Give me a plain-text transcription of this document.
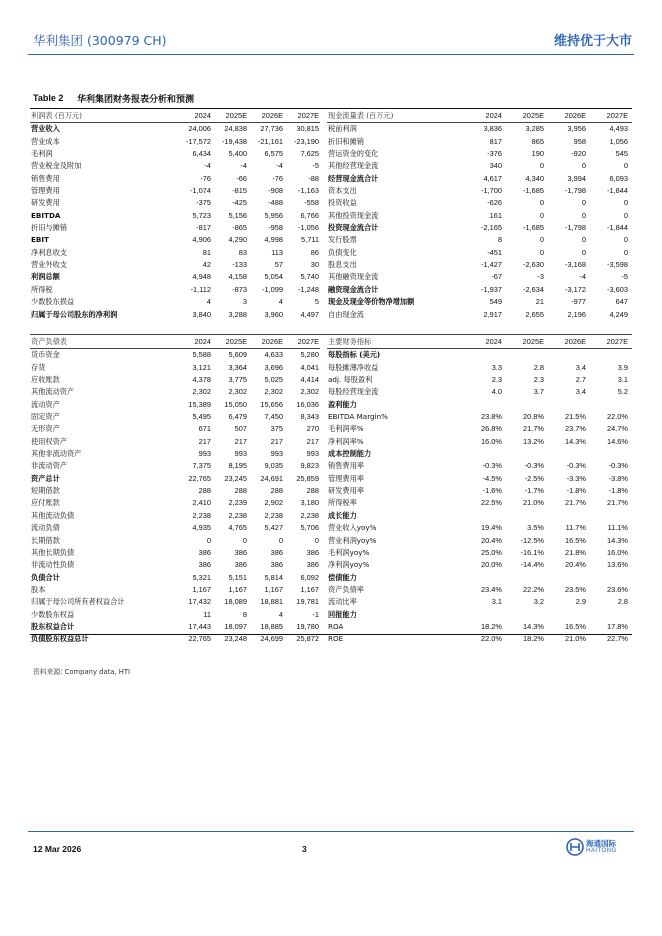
华利集团 (300979 CH)	维持优于大市
Table 2 华利集团财务报表分析和预测
利润表 (百万元)	2024 2025E 2026E 2027E
营业收入	24,006 24,838 27,736 30,815
营业成本	-17,572 -19,438 -21,161 -23,190
毛利润	6,434 5,400 6,575 7,625
营业税金及附加	-4	-4	-4	-5
销售费用	-76	-66	-76	-88
管理费用	-1,074	-815	-908 -1,163
研发费用	-375	-425	-488	-558
EBITDA	5,723 5,156 5,956 6,766
折旧与摊销	-817	-865	-958 -1,056
EBIT	4,906 4,290 4,998 5,711
净利息收支	81	83	113	86
营业外收支	42	-133	57	30
利润总额	4,948 4,158 5,054 5,740
所得税	-1,112	-873 -1,099 -1,248
少数股东损益	4	3	4	5
归属于母公司股东的净利润	3,840 3,288 3,960 4,497
现金流量表 (百万元)	2024	2025E	2026E	2027E
税前利润	3,836	3,285	3,956	4,493
折旧和摊销	817	865	958	1,056
营运资金的变化	-376	190	-920	545
其他经营现金流	340	0	0	0
经营现金流合计	4,617	4,340	3,994	6,093
资本支出	-1,700	-1,685	-1,798	-1,844
投资收益	-626	0	0	0
其他投资现金流	161	0	0	0
投资现金流合计	-2,165	-1,685	-1,798	-1,844
发行股票	8	0	0	0
负债变化	-451	0	0	0
股息支出	-1,427	-2,630	-3,168	-3,598
其他融资现金流	-67	-3	-4	-5
融资现金流合计	-1,937	-2,634	-3,172	-3,603
现金及现金等价物净增加额	549	21	-977	647
自由现金流	2,917	2,655	2,196	4,249
资产负债表	2024 2025E 2026E 2027E
货币资金	5,588 5,609 4,633 5,280
存货	3,121 3,364 3,696 4,041
应收账款	4,378 3,775 5,025 4,414
其他流动资产	2,302 2,302 2,302 2,302
流动资产	15,389 15,050 15,656 16,036
固定资产	5,495 6,479 7,450 8,343
无形资产	671	507	375	270
使用权资产	217	217	217	217
其他非流动资产	993	993	993	993
非流动资产	7,375 8,195 9,035 9,823
资产总计	22,765 23,245 24,691 25,859
短期借款	288	288	288	288
应付账款	2,410 2,239 2,902 3,180
其他流动负债	2,238 2,238 2,238 2,238
流动负债	4,935 4,765 5,427 5,706
长期借款	0	0	0	0
其他长期负债	386	386	386	386
非流动性负债	386	386	386	386
负债合计	5,321 5,151 5,814 6,092
股本	1,167 1,167 1,167 1,167
归属于母公司所有者权益合计	17,432 18,089 18,881 19,781
少数股东权益	11	8	4	-1
股东权益合计	17,443 18,097 18,885 19,780
负债股东权益总计	22,765 23,248 24,699 25,872
主要财务指标	2024	2025E	2026E	2027E
每股指标 (美元)
每股摊薄净收益	3.3	2.8	3.4	3.9
adj. 每股盈利	2.3	2.3	2.7	3.1
每股经营现金流	4.0	3.7	3.4	5.2
盈利能力
EBITDA Margin%	23.8%	20.8%	21.5%	22.0%
毛利润率%	26.8%	21.7%	23.7%	24.7%
净利润率%	16.0%	13.2%	14.3%	14.6%
成本控制能力
销售费用率	-0.3%	-0.3%	-0.3%	-0.3%
管理费用率	-4.5%	-2.5%	-3.3%	-3.8%
研发费用率	-1.6%	-1.7%	-1.8%	-1.8%
所得税率	22.5%	21.0%	21.7%	21.7%
成长能力
营业收入yoy%	19.4%	3.5%	11.7%	11.1%
营业利润yoy%	20.4%	-12.5%	16.5%	14.3%
毛利润yoy%	25.0%	-16.1%	21.8%	16.0%
净利润yoy%	20.0%	-14.4%	20.4%	13.6%
偿债能力
资产负债率	23.4%	22.2%	23.5%	23.6%
流动比率	3.1	3.2	2.9	2.8
回报能力
ROA	18.2%	14.3%	16.5%	17.8%
ROE	22.0%	18.2%	21.0%	22.7%
资料来源: Company data, HTI
12 Mar 2026	3
海通国际
HAITONG
